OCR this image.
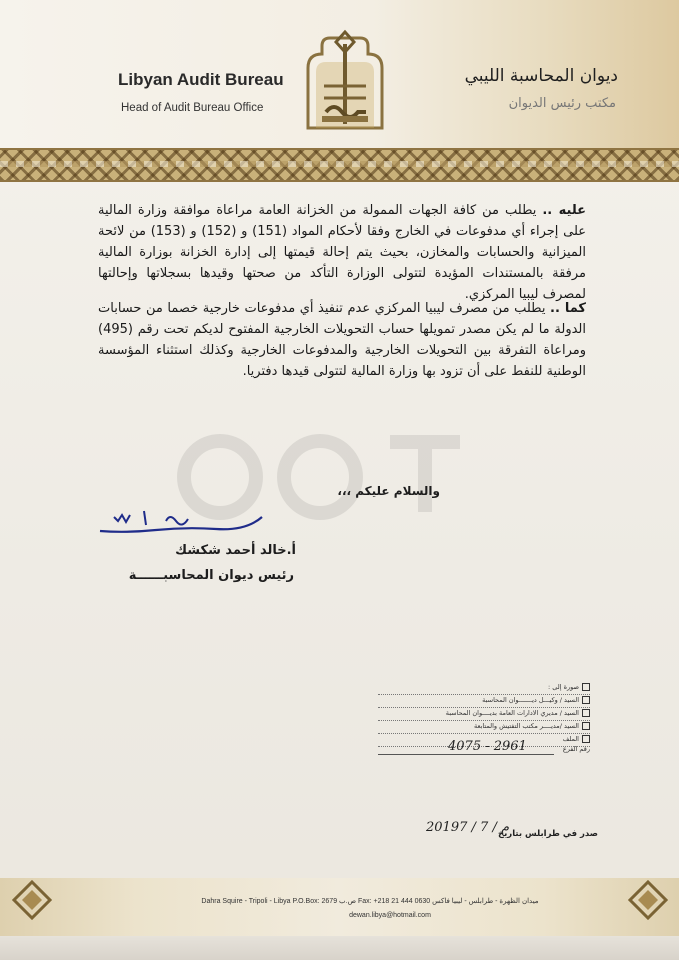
Libyan Audit Bureau
Head of Audit Bureau Office
ديوان المحاسبة الليبي
مكتب رئيس الديوان
عليه .. يطلب من كافة الجهات الممولة من الخزانة العامة مراعاة موافقة وزارة المالية على إجراء أي مدفوعات في الخارج وفقا لأحكام المواد (151) و (152) و (153) من لائحة الميزانية والحسابات والمخازن، بحيث يتم إحالة قيمتها إلى إدارة الخزانة بوزارة المالية مرفقة بالمستندات المؤيدة لتتولى الوزارة التأكد من صحتها وقيدها بسجلاتها وإحالتها لمصرف ليبيا المركزي.
كما .. يطلب من مصرف ليبيا المركزي عدم تنفيذ أي مدفوعات خارجية خصما من حسابات الدولة ما لم يكن مصدر تمويلها حساب التحويلات الخارجية المفتوح لديكم تحت رقم (495) ومراعاة التفرقة بين التحويلات الخارجية والمدفوعات الخارجية وكذلك استثناء المؤسسة الوطنية للنفط على أن تزود بها وزارة المالية لتتولى قيدها دفتريا.
والسلام عليكم ،،،
أ.خالد أحمد شكشك
رئيس ديوان المحاسبــــــة
صورة إلى :
السيد / وكيـــل ديـــــــوان المحاسبة
السيد / مديري الادارات العامة بديــــوان المحاسبة
السيد /مديــــر مكتب التفتيش والمتابعة
الملف
رقم الفرع
4075 - 2961
2019م / 7 / 7
صدر في طرابلس بتاريخ
Dahra Squire - Tripoli - Libya P.O.Box: 2679 ص.ب Fax: +218 21 444 0630 ميدان الظهرة - طرابلس - ليبيا فاكس
dewan.libya@hotmail.com
